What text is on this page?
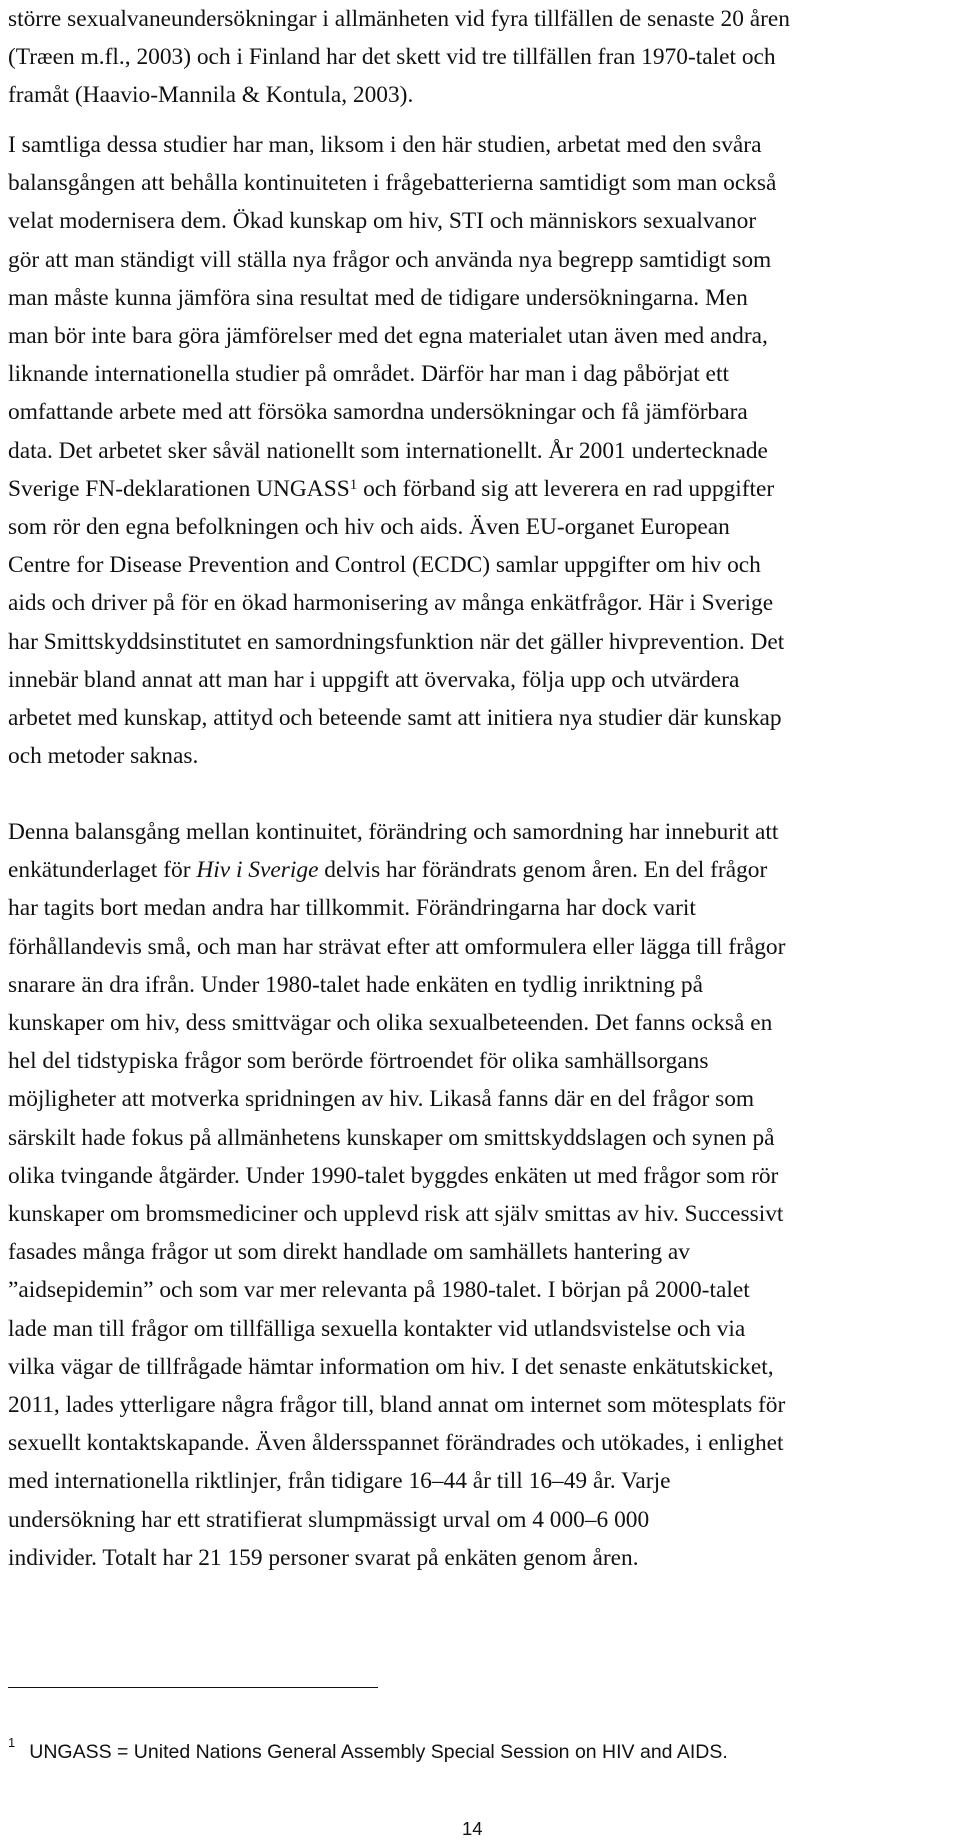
större sexualvaneundersökningar i allmänheten vid fyra tillfällen de senaste 20 åren
(Træen m.fl., 2003) och i Finland har det skett vid tre tillfällen fran 1970-talet och
framåt (Haavio-Mannila & Kontula, 2003).
I samtliga dessa studier har man, liksom i den här studien, arbetat med den svåra
balansgången att behålla kontinuiteten i frågebatterierna samtidigt som man också
velat modernisera dem. Ökad kunskap om hiv, STI och människors sexualvanor
gör att man ständigt vill ställa nya frågor och använda nya begrepp samtidigt som
man måste kunna jämföra sina resultat med de tidigare undersökningarna. Men
man bör inte bara göra jämförelser med det egna materialet utan även med andra,
liknande internationella studier på området. Därför har man i dag påbörjat ett
omfattande arbete med att försöka samordna undersökningar och få jämförbara
data. Det arbetet sker såväl nationellt som internationellt. År 2001 undertecknade
Sverige FN-deklarationen UNGASS$^1$ och förband sig att leverera en rad uppgifter
som rör den egna befolkningen och hiv och aids. Även EU-organet European
Centre for Disease Prevention and Control (ECDC) samlar uppgifter om hiv och
aids och driver på för en ökad harmonisering av många enkätfrågor. Här i Sverige
har Smittskyddsinstitutet en samordningsfunktion när det gäller hivprevention. Det
innebär bland annat att man har i uppgift att övervaka, följa upp och utvärdera
arbetet med kunskap, attityd och beteende samt att initiera nya studier där kunskap
och metoder saknas.
Denna balansgång mellan kontinuitet, förändring och samordning har inneburit att
enkätunderlaget för Hiv i Sverige delvis har förändrats genom åren. En del frågor
har tagits bort medan andra har tillkommit. Förändringarna har dock varit
förhållandevis små, och man har strävat efter att omformulera eller lägga till frågor
snarare än dra ifrån. Under 1980-talet hade enkäten en tydlig inriktning på
kunskaper om hiv, dess smittvägar och olika sexualbeteenden. Det fanns också en
hel del tidstypiska frågor som berörde förtroendet för olika samhällsorgans
möjligheter att motverka spridningen av hiv. Likaså fanns där en del frågor som
särskilt hade fokus på allmänhetens kunskaper om smittskyddslagen och synen på
olika tvingande åtgärder. Under 1990-talet byggdes enkäten ut med frågor som rör
kunskaper om bromsmediciner och upplevd risk att själv smittas av hiv. Successivt
fasades många frågor ut som direkt handlade om samhällets hantering av
”aidsepidemin” och som var mer relevanta på 1980-talet. I början på 2000-talet
lade man till frågor om tillfälliga sexuella kontakter vid utlandsvistelse och via
vilka vägar de tillfrågade hämtar information om hiv. I det senaste enkätutskicket,
2011, lades ytterligare några frågor till, bland annat om internet som mötesplats för
sexuellt kontaktskapande. Även åldersspannet förändrades och utökades, i enlighet
med internationella riktlinjer, från tidigare 16–44 år till 16–49 år. Varje
undersökning har ett stratifierat slumpmässigt urval om 4 000–6 000
individer. Totalt har 21 159 personer svarat på enkäten genom åren.
$^1$ UNGASS = United Nations General Assembly Special Session on HIV and AIDS.
14
